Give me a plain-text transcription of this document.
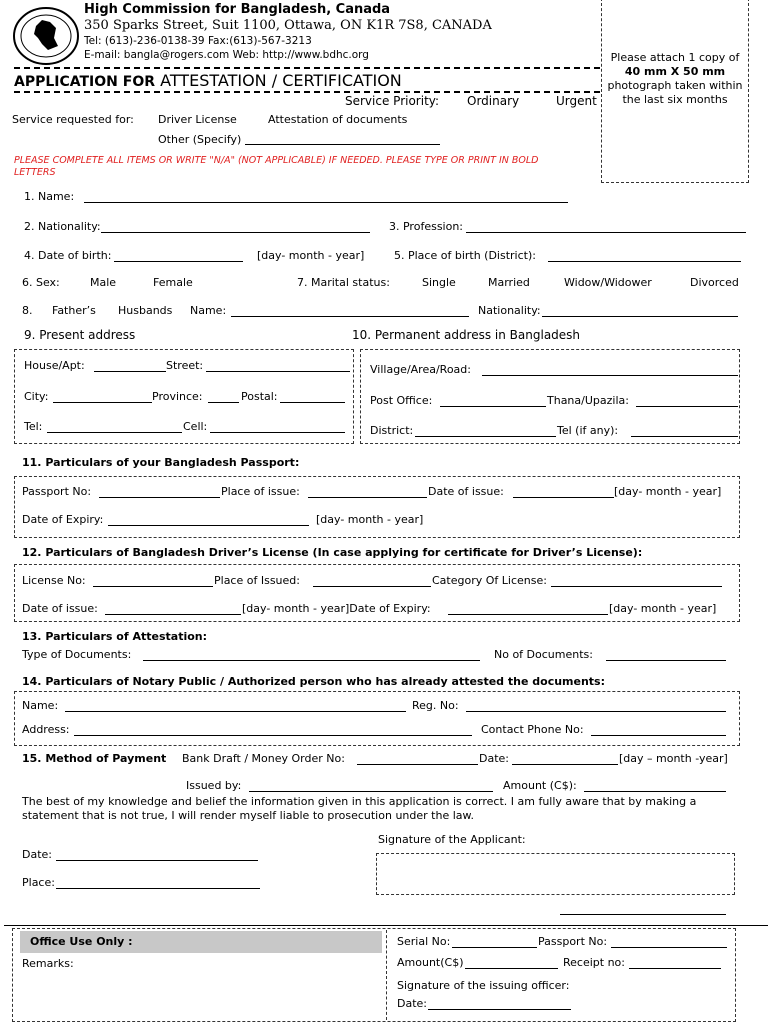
High Commission for Bangladesh, Canada
350 Sparks Street, Suit 1100, Ottawa, ON K1R 7S8, CANADA
Tel: (613)-236-0138-39 Fax:(613)-567-3213
E-mail: bangla@rogers.com Web: http://www.bdhc.org	Please attach 1 copy of
40 mm X 50 mm
photograph taken within
the last six months
APPLICATION FOR ATTESTATION / CERTIFICATION
Service Priority: Ordinary	Urgent
Service requested for: Driver License	Attestation of documents
Other (Specify)
PLEASE COMPLETE ALL ITEMS OR WRITE "N/A" (NOT APPLICABLE) IF NEEDED. PLEASE TYPE OR PRINT IN BOLD
LETTERS
1. Name:
2. Nationality:	3. Profession:
4. Date of birth:	[day- month - year]	5. Place of birth (District):
6. Sex:	Male	Female	7. Marital status:	Single	Married	Widow/Widower	Divorced
8. Father’s Husbands Name:	Nationality:
9. Present address	10. Permanent address in Bangladesh
House/Apt:	Street:
City:	Province:	Postal:
Tel:	Cell:
Village/Area/Road:
Post Office:	Thana/Upazila:
District:	Tel (if any):
11. Particulars of your Bangladesh Passport:
Passport No:	Place of issue:	Date of issue:	[day- month - year]
Date of Expiry:	[day- month - year]
12. Particulars of Bangladesh Driver’s License (In case applying for certificate for Driver’s License):
License No:	Place of Issued:	Category Of License:
Date of issue:	[day- month - year]Date of Expiry:	[day- month - year]
13. Particulars of Attestation:
Type of Documents:	No of Documents:
14. Particulars of Notary Public / Authorized person who has already attested the documents:
Name:	Reg. No:
Address:	Contact Phone No:
15. Method of Payment Bank Draft / Money Order No:	Date:	[day – month -year]
Issued by:	Amount (C$):
The best of my knowledge and belief the information given in this application is correct. I am fully aware that by making a
statement that is not true, I will render myself liable to prosecution under the law.
Signature of the Applicant:
Date:
Place:
Office Use Only :
Remarks:
Serial No:	Passport No:
Amount(C$)	Receipt no:
Signature of the issuing officer:
Date:
